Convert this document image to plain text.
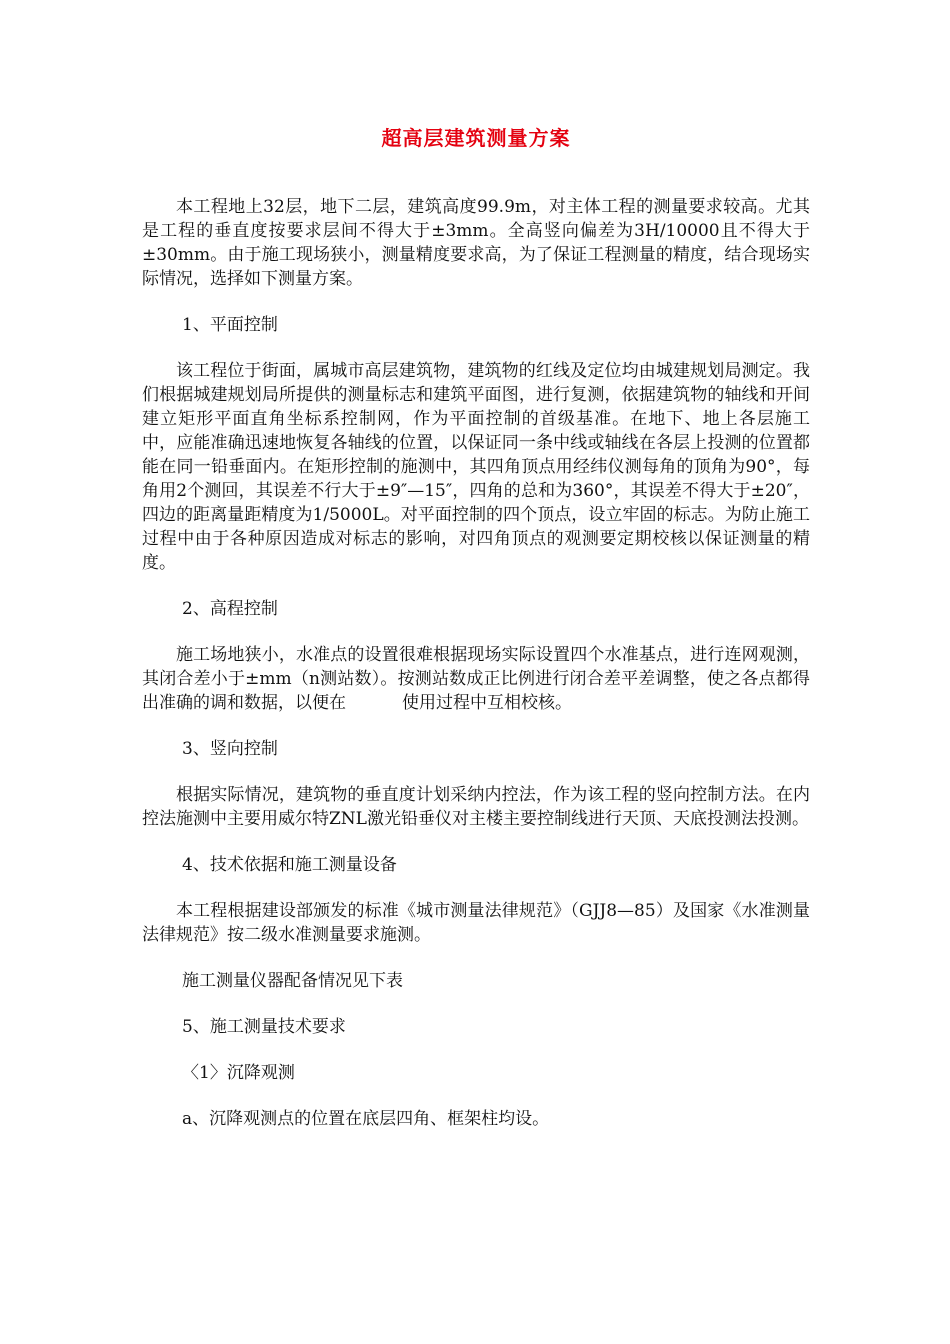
超高层建筑测量方案

本工程地上32层，地下二层，建筑高度99.9m，对主体工程的测量要求较高。尤其是工程的垂直度按要求层间不得大于±3mm。全高竖向偏差为3H/10000且不得大于±30mm。由于施工现场狭小，测量精度要求高，为了保证工程测量的精度，结合现场实际情况，选择如下测量方案。

1、平面控制

该工程位于街面，属城市高层建筑物，建筑物的红线及定位均由城建规划局测定。我们根据城建规划局所提供的测量标志和建筑平面图，进行复测，依据建筑物的轴线和开间建立矩形平面直角坐标系控制网，作为平面控制的首级基准。在地下、地上各层施工 中，应能准确迅速地恢复各轴线的位置，以保证同一条中线或轴线在各层上投测的位置都能在同一铅垂面内。在矩形控制的施测中，其四角顶点用经纬仪测每角的顶角为90°，每角用2个测回，其误差不行大于±9″—15″，四角的总和为360°，其误差不得大于±20″，四边的距离量距精度为1/5000L。对平面控制的四个顶点，设立牢固的标志。为防止施工过程中由于各种原因造成对标志的影响，对四角顶点的观测要定期校核以保证测量的精度。

2、高程控制

施工场地狭小，水准点的设置很难根据现场实际设置四个水准基点，进行连网观测，其闭合差小于±mm（n测站数）。按测站数成正比例进行闭合差平差调整，使之各点都得出准确的调和数据，以便在	使用过程中互相校核。

3、竖向控制

根据实际情况，建筑物的垂直度计划采纳内控法，作为该工程的竖向控制方法。在内控法施测中主要用威尔特ZNL激光铅垂仪对主楼主要控制线进行天顶、天底投测法投测。

4、技术依据和施工测量设备

本工程根据建设部颁发的标准《城市测量法律规范》（GJJ8—85）及国家《水准测量法律规范》按二级水准测量要求施测。

施工测量仪器配备情况见下表

5、施工测量技术要求

〈1〉沉降观测

a、沉降观测点的位置在底层四角、框架柱均设。
